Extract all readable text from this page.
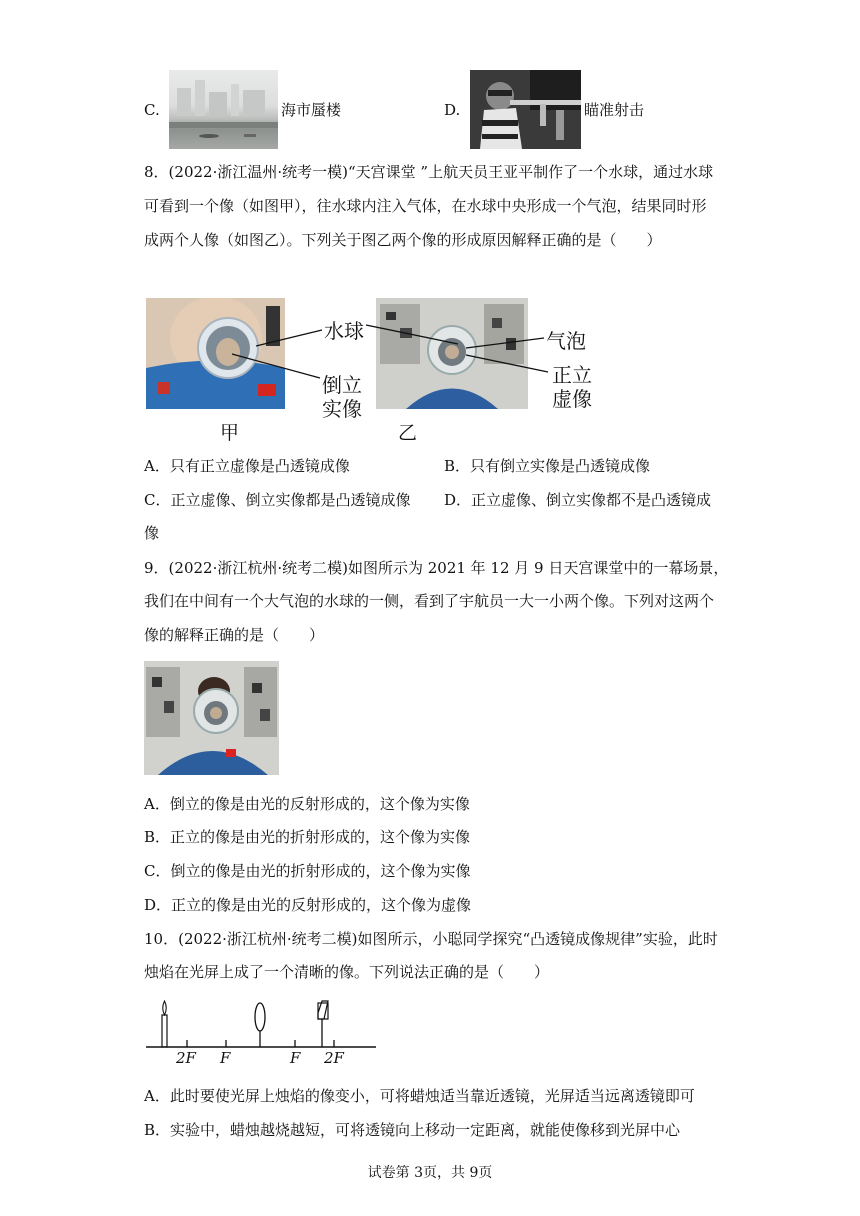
C.	海市蜃楼	D.	瞄准射击
8．(2022·浙江温州·统考一模)“天宫课堂 ”上航天员王亚平制作了一个水球，通过水球
可看到一个像（如图甲），往水球内注入气体，在水球中央形成一个气泡，结果同时形
成两个人像（如图乙）。下列关于图乙两个像的形成原因解释正确的是（　　）
水球	气泡
倒立
实像
正立
虚像
甲	乙
A．只有正立虚像是凸透镜成像	B．只有倒立实像是凸透镜成像
C．正立虚像、倒立实像都是凸透镜成像 D．正立虚像、倒立实像都不是凸透镜成
像
9．(2022·浙江杭州·统考二模)如图所示为 2021 年 12 月 9 日天宫课堂中的一幕场景，
我们在中间有一个大气泡的水球的一侧，看到了宇航员一大一小两个像。下列对这两个
像的解释正确的是（　　）
A．倒立的像是由光的反射形成的，这个像为实像
B．正立的像是由光的折射形成的，这个像为实像
C．倒立的像是由光的折射形成的，这个像为实像
D．正立的像是由光的反射形成的，这个像为虚像
10．(2022·浙江杭州·统考二模)如图所示，小聪同学探究“凸透镜成像规律”实验，此时
烛焰在光屏上成了一个清晰的像。下列说法正确的是（　　）
2F F	F 2F
A．此时要使光屏上烛焰的像变小，可将蜡烛适当靠近透镜，光屏适当远离透镜即可
B．实验中，蜡烛越烧越短，可将透镜向上移动一定距离，就能使像移到光屏中心
试卷第 3页，共 9页
